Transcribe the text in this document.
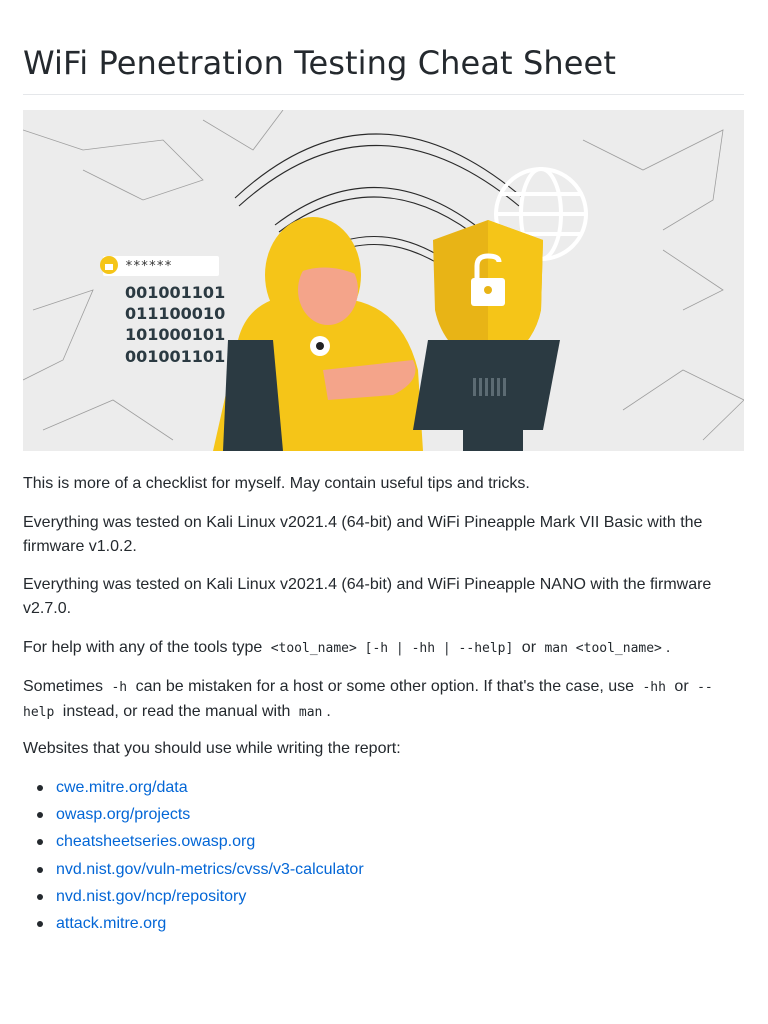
WiFi Penetration Testing Cheat Sheet
******
001001101
011100010
101000101
001001101

This is more of a checklist for myself. May contain useful tips and tricks.

Everything was tested on Kali Linux v2021.4 (64-bit) and WiFi Pineapple Mark VII Basic with the firmware v1.0.2.

Everything was tested on Kali Linux v2021.4 (64-bit) and WiFi Pineapple NANO with the firmware v2.7.0.

For help with any of the tools type <tool_name> [-h | -hh | --help] or man <tool_name> .

Sometimes -h can be mistaken for a host or some other option. If that's the case, use -hh or --help instead, or read the manual with man .

Websites that you should use while writing the report:

cwe.mitre.org/data
owasp.org/projects
cheatsheetseries.owasp.org
nvd.nist.gov/vuln-metrics/cvss/v3-calculator
nvd.nist.gov/ncp/repository
attack.mitre.org
